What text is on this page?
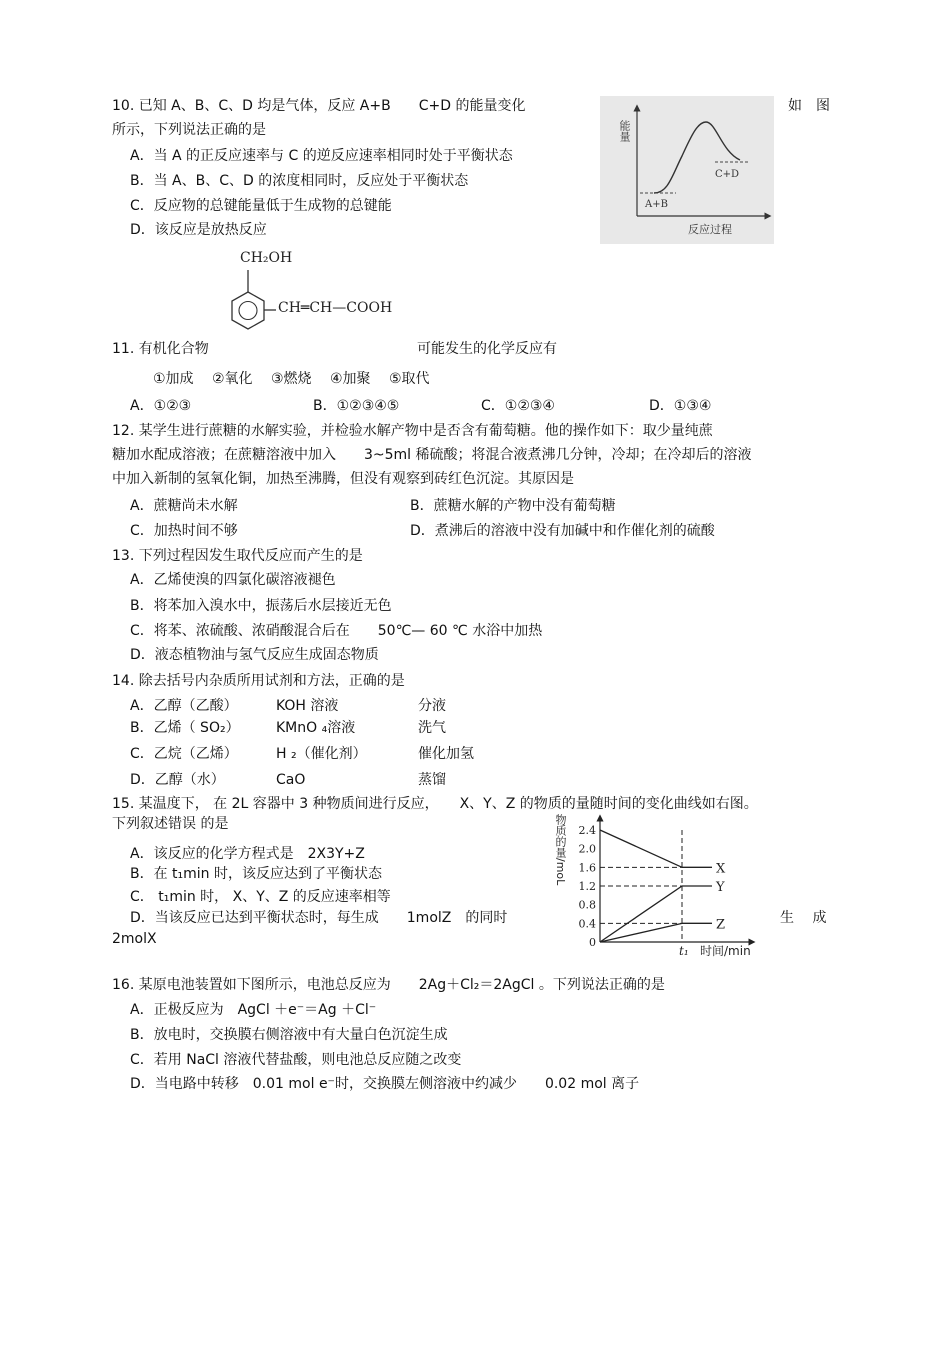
10. 已知 A、B、C、D 均是气体，反应 A+B　　C+D 的能量变化	如　图
所示，下列说法正确的是
A．当 A 的正反应速率与 C 的逆反应速率相同时处于平衡状态
B．当 A、B、C、D 的浓度相同时，反应处于平衡状态
C．反应物的总键能量低于生成物的总键能
D．该反应是放热反应
A+B
C+D
反应过程
能量
CH₂OH
CH═CH—COOH
11. 有机化合物	可能发生的化学反应有
①加成　 ②氧化　 ③燃烧　 ④加聚　 ⑤取代
A．①②③	B．①②③④⑤	C．①②③④	D．①③④
12. 某学生进行蔗糖的水解实验，并检验水解产物中是否含有葡萄糖。他的操作如下：取少量纯蔗
糖加水配成溶液；在蔗糖溶液中加入　　3~5ml 稀硫酸；将混合液煮沸几分钟，冷却；在冷却后的溶液
中加入新制的氢氧化铜，加热至沸腾，但没有观察到砖红色沉淀。其原因是
A．蔗糖尚未水解	B．蔗糖水解的产物中没有葡萄糖
C．加热时间不够	D．煮沸后的溶液中没有加碱中和作催化剂的硫酸
13. 下列过程因发生取代反应而产生的是
A．乙烯使溴的四氯化碳溶液褪色
B．将苯加入溴水中，振荡后水层接近无色
C．将苯、浓硫酸、浓硝酸混合后在　　50℃— 60 ℃ 水浴中加热
D．液态植物油与氢气反应生成固态物质
14. 除去括号内杂质所用试剂和方法，正确的是
A．乙醇（乙酸）	KOH 溶液	分液
B．乙烯（ SO₂）	KMnO ₄溶液	洗气
C．乙烷（乙烯）	H ₂（催化剂）	催化加氢
D．乙醇（水）	CaO	蒸馏
15. 某温度下， 在 2L 容器中 3 种物质间进行反应，　　X、Y、Z 的物质的量随时间的变化曲线如右图。
下列叙述错误 的是
A．该反应的化学方程式是　2X3Y+Z
B．在 t₁min 时，该反应达到了平衡状态
C． t₁min 时， X、Y、Z 的反应速率相等
D．当该反应已达到平衡状态时，每生成　　1molZ　的同时	生　 成
2molX	0
0.4
0.8
1.2
1.6
2.0
2.4
t₁
X
Y
Z
时间/min
物质的量/moL
16. 某原电池装置如下图所示，电池总反应为　　2Ag＋Cl₂＝2AgCl 。下列说法正确的是
A．正极反应为　AgCl ＋e⁻＝Ag ＋Cl⁻
B．放电时，交换膜右侧溶液中有大量白色沉淀生成
C．若用 NaCl 溶液代替盐酸，则电池总反应随之改变
D．当电路中转移　0.01 mol e⁻时，交换膜左侧溶液中约减少　　0.02 mol 离子
